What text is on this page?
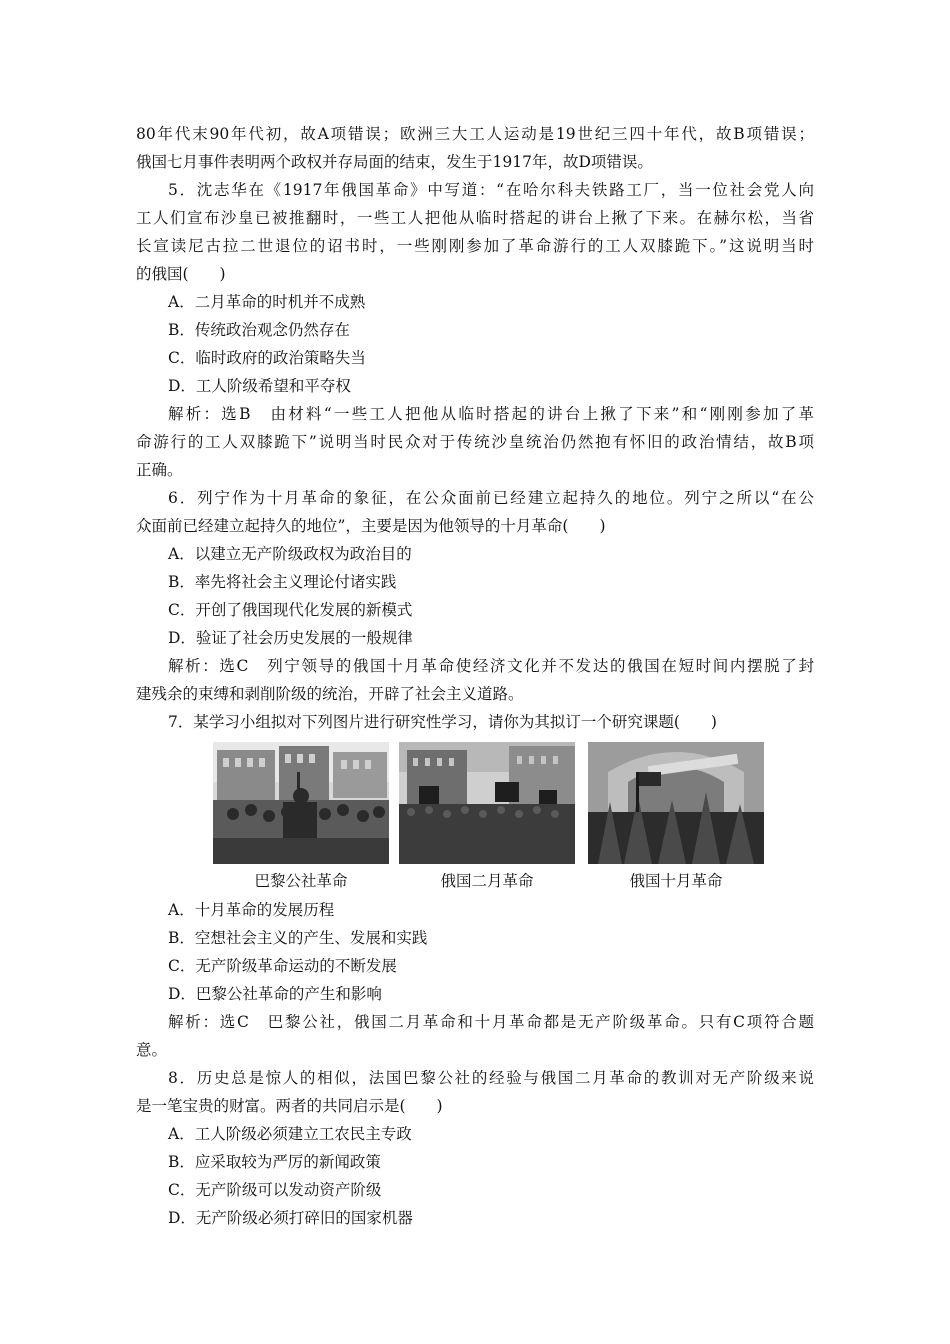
80年代末90年代初，故A项错误；欧洲三大工人运动是19世纪三四十年代，故B项错误；
俄国七月事件表明两个政权并存局面的结束，发生于1917年，故D项错误。
5．沈志华在《1917年俄国革命》中写道：“在哈尔科夫铁路工厂，当一位社会党人向
工人们宣布沙皇已被推翻时，一些工人把他从临时搭起的讲台上揪了下来。在赫尔松，当省
长宣读尼古拉二世退位的诏书时，一些刚刚参加了革命游行的工人双膝跪下。”这说明当时
的俄国(　　)
A．二月革命的时机并不成熟
B．传统政治观念仍然存在
C．临时政府的政治策略失当
D．工人阶级希望和平夺权
解析：选B　由材料“一些工人把他从临时搭起的讲台上揪了下来”和“刚刚参加了革
命游行的工人双膝跪下”说明当时民众对于传统沙皇统治仍然抱有怀旧的政治情结，故B项
正确。
6．列宁作为十月革命的象征，在公众面前已经建立起持久的地位。列宁之所以“在公
众面前已经建立起持久的地位”，主要是因为他领导的十月革命(　　)
A．以建立无产阶级政权为政治目的
B．率先将社会主义理论付诸实践
C．开创了俄国现代化发展的新模式
D．验证了社会历史发展的一般规律
解析：选C　列宁领导的俄国十月革命使经济文化并不发达的俄国在短时间内摆脱了封
建残余的束缚和剥削阶级的统治，开辟了社会主义道路。
7．某学习小组拟对下列图片进行研究性学习，请你为其拟订一个研究课题(　　)
巴黎公社革命	俄国二月革命	俄国十月革命
A．十月革命的发展历程
B．空想社会主义的产生、发展和实践
C．无产阶级革命运动的不断发展
D．巴黎公社革命的产生和影响
解析：选C　巴黎公社，俄国二月革命和十月革命都是无产阶级革命。只有C项符合题
意。
8．历史总是惊人的相似，法国巴黎公社的经验与俄国二月革命的教训对无产阶级来说
是一笔宝贵的财富。两者的共同启示是(　　)
A．工人阶级必须建立工农民主专政
B．应采取较为严厉的新闻政策
C．无产阶级可以发动资产阶级
D．无产阶级必须打碎旧的国家机器
